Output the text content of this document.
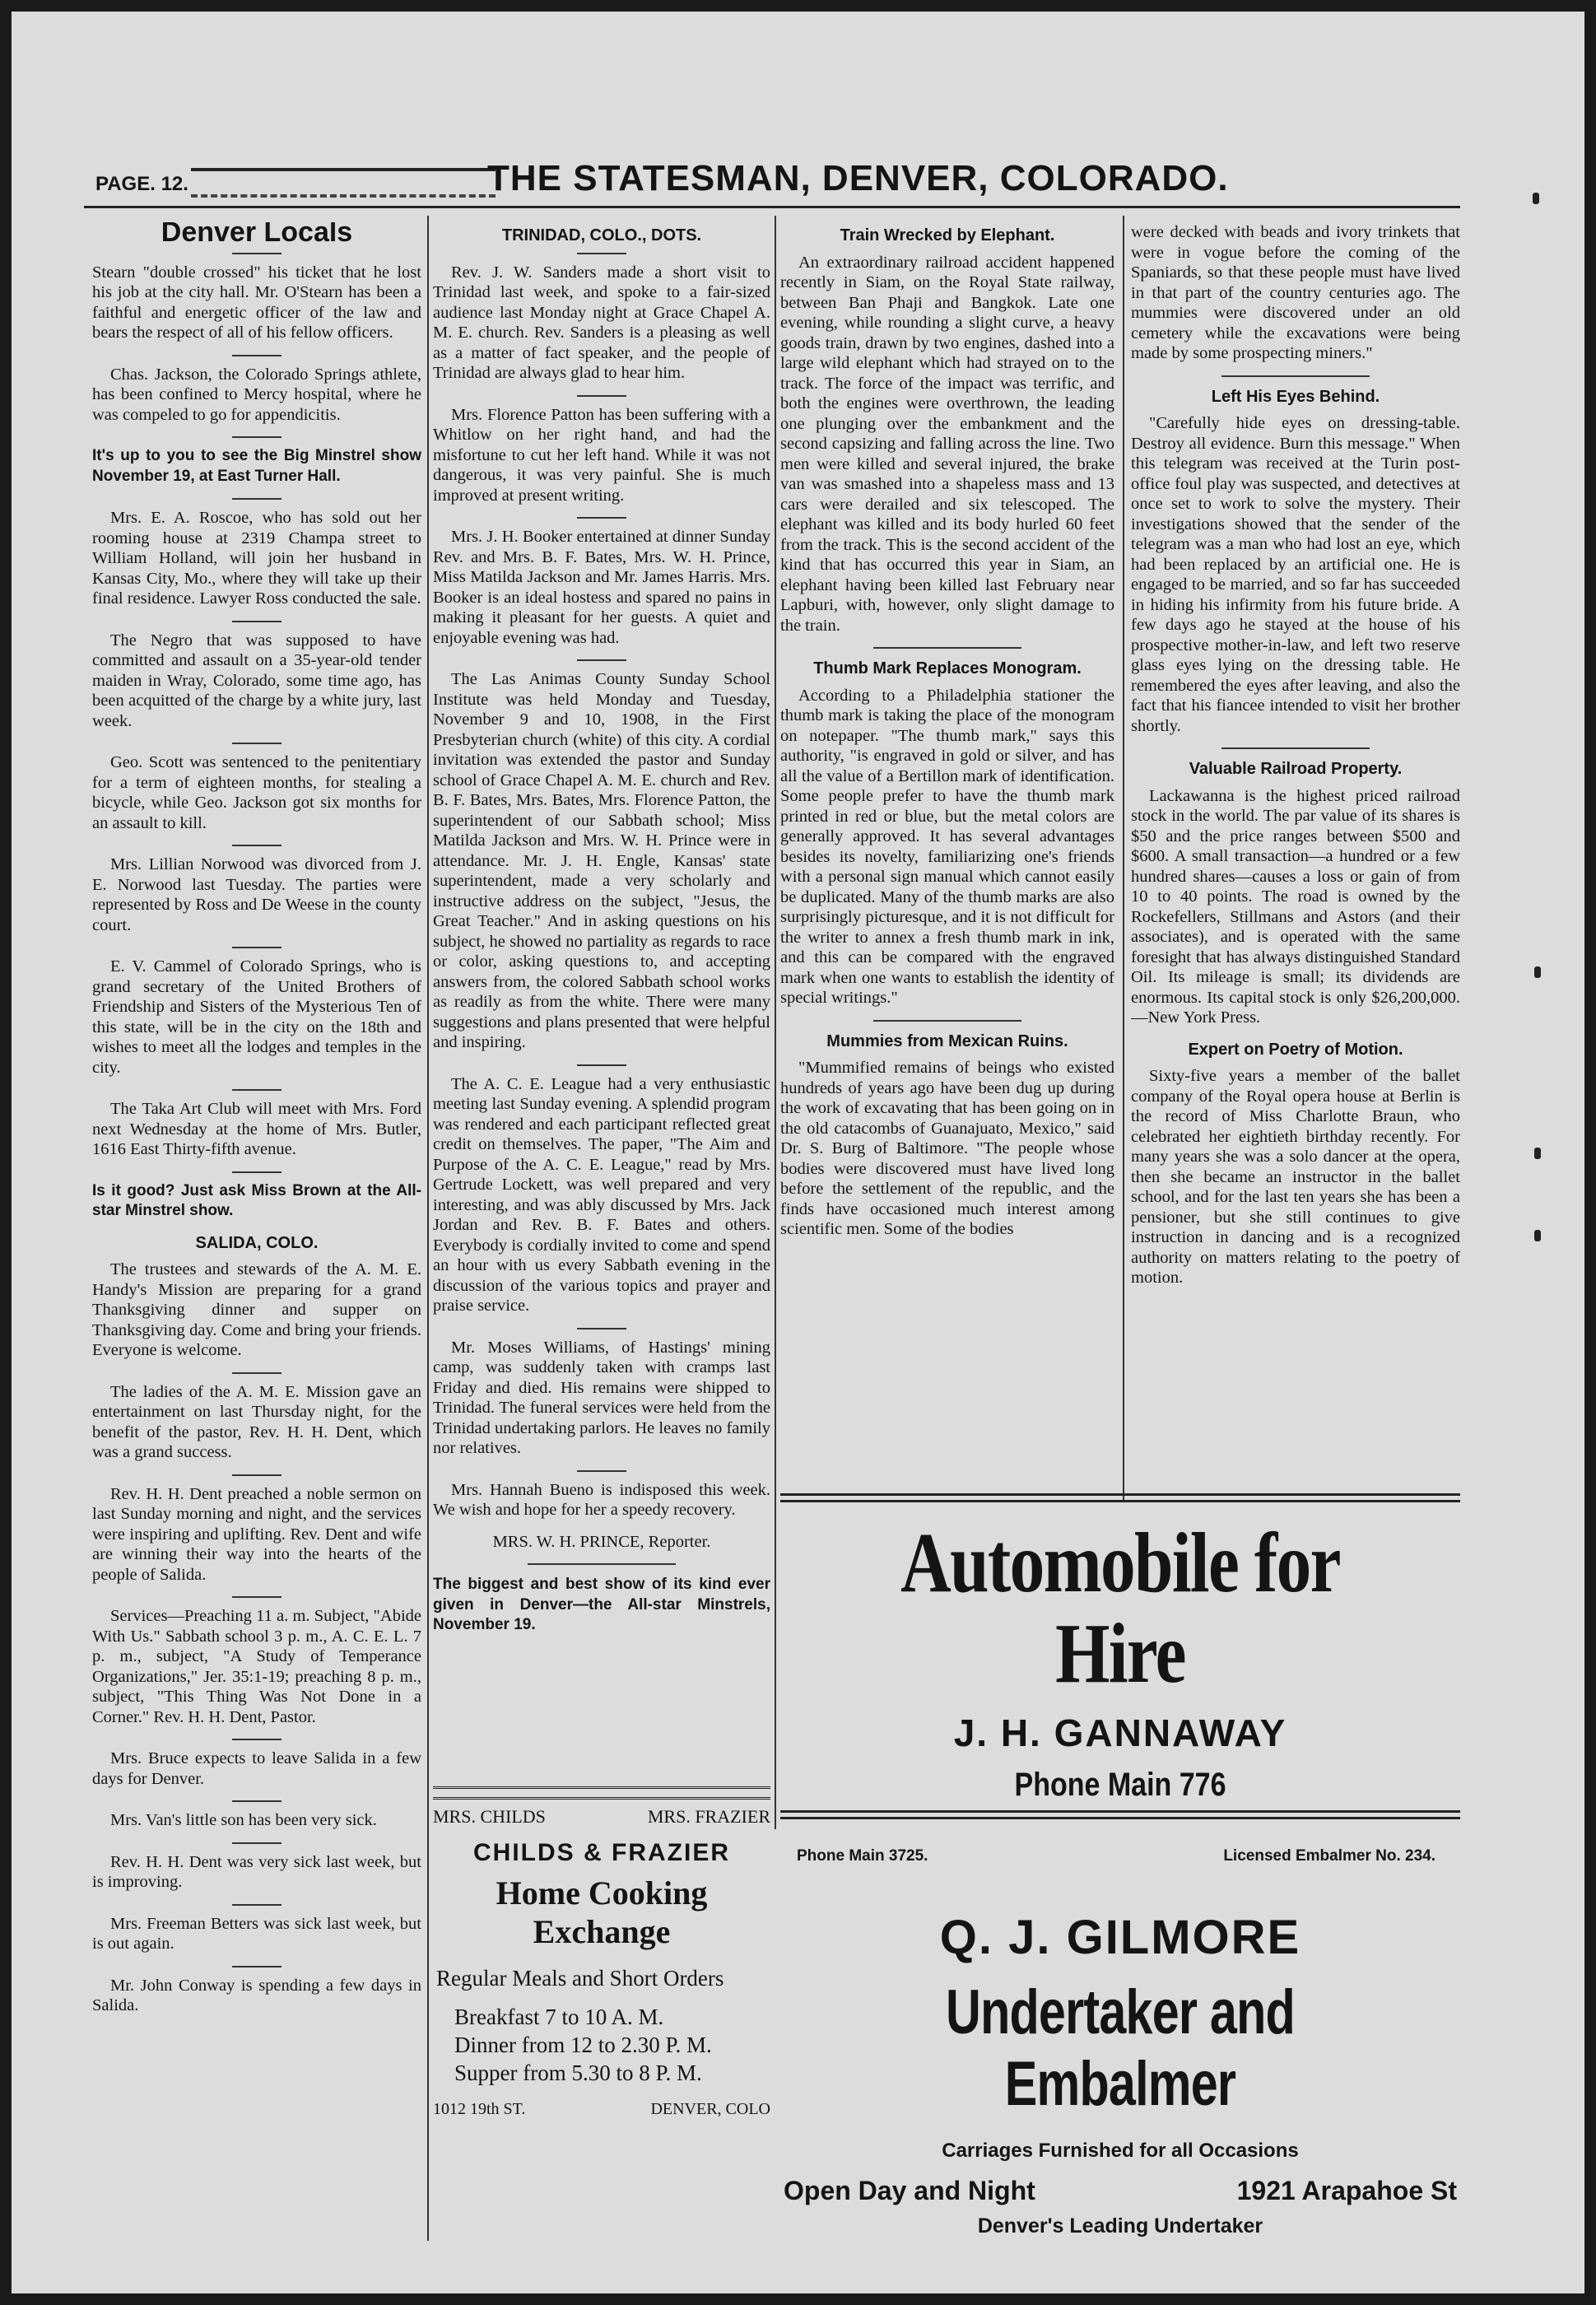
PAGE. 12.	THE STATESMAN, DENVER, COLORADO.
Denver Locals

Stearn "double crossed" his ticket that he lost his job at the city hall. Mr. O'Stearn has been a faithful and energetic officer of the law and bears the respect of all of his fellow officers.

Chas. Jackson, the Colorado Springs athlete, has been confined to Mercy hospital, where he was compeled to go for appendicitis.

It's up to you to see the Big Minstrel show November 19, at East Turner Hall.

Mrs. E. A. Roscoe, who has sold out her rooming house at 2319 Champa street to William Holland, will join her husband in Kansas City, Mo., where they will take up their final residence. Lawyer Ross conducted the sale.

The Negro that was supposed to have committed and assault on a 35-year-old tender maiden in Wray, Colorado, some time ago, has been acquitted of the charge by a white jury, last week.

Geo. Scott was sentenced to the penitentiary for a term of eighteen months, for stealing a bicycle, while Geo. Jackson got six months for an assault to kill.

Mrs. Lillian Norwood was divorced from J. E. Norwood last Tuesday. The parties were represented by Ross and De Weese in the county court.

E. V. Cammel of Colorado Springs, who is grand secretary of the United Brothers of Friendship and Sisters of the Mysterious Ten of this state, will be in the city on the 18th and wishes to meet all the lodges and temples in the city.

The Taka Art Club will meet with Mrs. Ford next Wednesday at the home of Mrs. Butler, 1616 East Thirty-fifth avenue.

Is it good? Just ask Miss Brown at the All-star Minstrel show.

SALIDA, COLO.

The trustees and stewards of the A. M. E. Handy's Mission are preparing for a grand Thanksgiving dinner and supper on Thanksgiving day. Come and bring your friends. Everyone is welcome.

The ladies of the A. M. E. Mission gave an entertainment on last Thursday night, for the benefit of the pastor, Rev. H. H. Dent, which was a grand success.

Rev. H. H. Dent preached a noble sermon on last Sunday morning and night, and the services were inspiring and uplifting. Rev. Dent and wife are winning their way into the hearts of the people of Salida.

Services—Preaching 11 a. m. Subject, "Abide With Us." Sabbath school 3 p. m., A. C. E. L. 7 p. m., subject, "A Study of Temperance Organizations," Jer. 35:1-19; preaching 8 p. m., subject, "This Thing Was Not Done in a Corner." Rev. H. H. Dent, Pastor.

Mrs. Bruce expects to leave Salida in a few days for Denver.

Mrs. Van's little son has been very sick.

Rev. H. H. Dent was very sick last week, but is improving.

Mrs. Freeman Betters was sick last week, but is out again.

Mr. John Conway is spending a few days in Salida.

TRINIDAD, COLO., DOTS.

Rev. J. W. Sanders made a short visit to Trinidad last week, and spoke to a fair-sized audience last Monday night at Grace Chapel A. M. E. church. Rev. Sanders is a pleasing as well as a matter of fact speaker, and the people of Trinidad are always glad to hear him.

Mrs. Florence Patton has been suffering with a Whitlow on her right hand, and had the misfortune to cut her left hand. While it was not dangerous, it was very painful. She is much improved at present writing.

Mrs. J. H. Booker entertained at dinner Sunday Rev. and Mrs. B. F. Bates, Mrs. W. H. Prince, Miss Matilda Jackson and Mr. James Harris. Mrs. Booker is an ideal hostess and spared no pains in making it pleasant for her guests. A quiet and enjoyable evening was had.

The Las Animas County Sunday School Institute was held Monday and Tuesday, November 9 and 10, 1908, in the First Presbyterian church (white) of this city. A cordial invitation was extended the pastor and Sunday school of Grace Chapel A. M. E. church and Rev. B. F. Bates, Mrs. Bates, Mrs. Florence Patton, the superintendent of our Sabbath school; Miss Matilda Jackson and Mrs. W. H. Prince were in attendance. Mr. J. H. Engle, Kansas' state superintendent, made a very scholarly and instructive address on the subject, "Jesus, the Great Teacher." And in asking questions on his subject, he showed no partiality as regards to race or color, asking questions to, and accepting answers from, the colored Sabbath school works as readily as from the white. There were many suggestions and plans presented that were helpful and inspiring.

The A. C. E. League had a very enthusiastic meeting last Sunday evening. A splendid program was rendered and each participant reflected great credit on themselves. The paper, "The Aim and Purpose of the A. C. E. League," read by Mrs. Gertrude Lockett, was well prepared and very interesting, and was ably discussed by Mrs. Jack Jordan and Rev. B. F. Bates and others. Everybody is cordially invited to come and spend an hour with us every Sabbath evening in the discussion of the various topics and prayer and praise service.

Mr. Moses Williams, of Hastings' mining camp, was suddenly taken with cramps last Friday and died. His remains were shipped to Trinidad. The funeral services were held from the Trinidad undertaking parlors. He leaves no family nor relatives.

Mrs. Hannah Bueno is indisposed this week. We wish and hope for her a speedy recovery.

MRS. W. H. PRINCE, Reporter.

The biggest and best show of its kind ever given in Denver—the All-star Minstrels, November 19.

MRS. CHILDS	MRS. FRAZIER
CHILDS & FRAZIER
Home Cooking Exchange
Regular Meals and Short Orders
Breakfast 7 to 10 A. M.
Dinner from 12 to 2.30 P. M.
Supper from 5.30 to 8 P. M.
1012 19th ST.	DENVER, COLO
Train Wrecked by Elephant.

An extraordinary railroad accident happened recently in Siam, on the Royal State railway, between Ban Phaji and Bangkok. Late one evening, while rounding a slight curve, a heavy goods train, drawn by two engines, dashed into a large wild elephant which had strayed on to the track. The force of the impact was terrific, and both the engines were overthrown, the leading one plunging over the embankment and the second capsizing and falling across the line. Two men were killed and several injured, the brake van was smashed into a shapeless mass and 13 cars were derailed and six telescoped. The elephant was killed and its body hurled 60 feet from the track. This is the second accident of the kind that has occurred this year in Siam, an elephant having been killed last February near Lapburi, with, however, only slight damage to the train.

Thumb Mark Replaces Monogram.

According to a Philadelphia stationer the thumb mark is taking the place of the monogram on notepaper. "The thumb mark," says this authority, "is engraved in gold or silver, and has all the value of a Bertillon mark of identification. Some people prefer to have the thumb mark printed in red or blue, but the metal colors are generally approved. It has several advantages besides its novelty, familiarizing one's friends with a personal sign manual which cannot easily be duplicated. Many of the thumb marks are also surprisingly picturesque, and it is not difficult for the writer to annex a fresh thumb mark in ink, and this can be compared with the engraved mark when one wants to establish the identity of special writings."

Mummies from Mexican Ruins.

"Mummified remains of beings who existed hundreds of years ago have been dug up during the work of excavating that has been going on in the old catacombs of Guanajuato, Mexico," said Dr. S. Burg of Baltimore. "The people whose bodies were discovered must have lived long before the settlement of the republic, and the finds have occasioned much interest among scientific men. Some of the bodies

were decked with beads and ivory trinkets that were in vogue before the coming of the Spaniards, so that these people must have lived in that part of the country centuries ago. The mummies were discovered under an old cemetery while the excavations were being made by some prospecting miners."

Left His Eyes Behind.

"Carefully hide eyes on dressing-table. Destroy all evidence. Burn this message." When this telegram was received at the Turin post-office foul play was suspected, and detectives at once set to work to solve the mystery. Their investigations showed that the sender of the telegram was a man who had lost an eye, which had been replaced by an artificial one. He is engaged to be married, and so far has succeeded in hiding his infirmity from his future bride. A few days ago he stayed at the house of his prospective mother-in-law, and left two reserve glass eyes lying on the dressing table. He remembered the eyes after leaving, and also the fact that his fiancee intended to visit her brother shortly.

Valuable Railroad Property.

Lackawanna is the highest priced railroad stock in the world. The par value of its shares is $50 and the price ranges between $500 and $600. A small transaction—a hundred or a few hundred shares—causes a loss or gain of from 10 to 40 points. The road is owned by the Rockefellers, Stillmans and Astors (and their associates), and is operated with the same foresight that has always distinguished Standard Oil. Its mileage is small; its dividends are enormous. Its capital stock is only $26,200,000.—New York Press.

Expert on Poetry of Motion.

Sixty-five years a member of the ballet company of the Royal opera house at Berlin is the record of Miss Charlotte Braun, who celebrated her eightieth birthday recently. For many years she was a solo dancer at the opera, then she became an instructor in the ballet school, and for the last ten years she has been a pensioner, but she still continues to give instruction in dancing and is a recognized authority on matters relating to the poetry of motion.

Automobile for Hire
J. H. GANNAWAY
Phone Main 776
Phone Main 3725.	Licensed Embalmer No. 234.
Q. J. GILMORE
Undertaker and Embalmer
Carriages Furnished for all Occasions
Open Day and Night	1921 Arapahoe St
Denver's Leading Undertaker
